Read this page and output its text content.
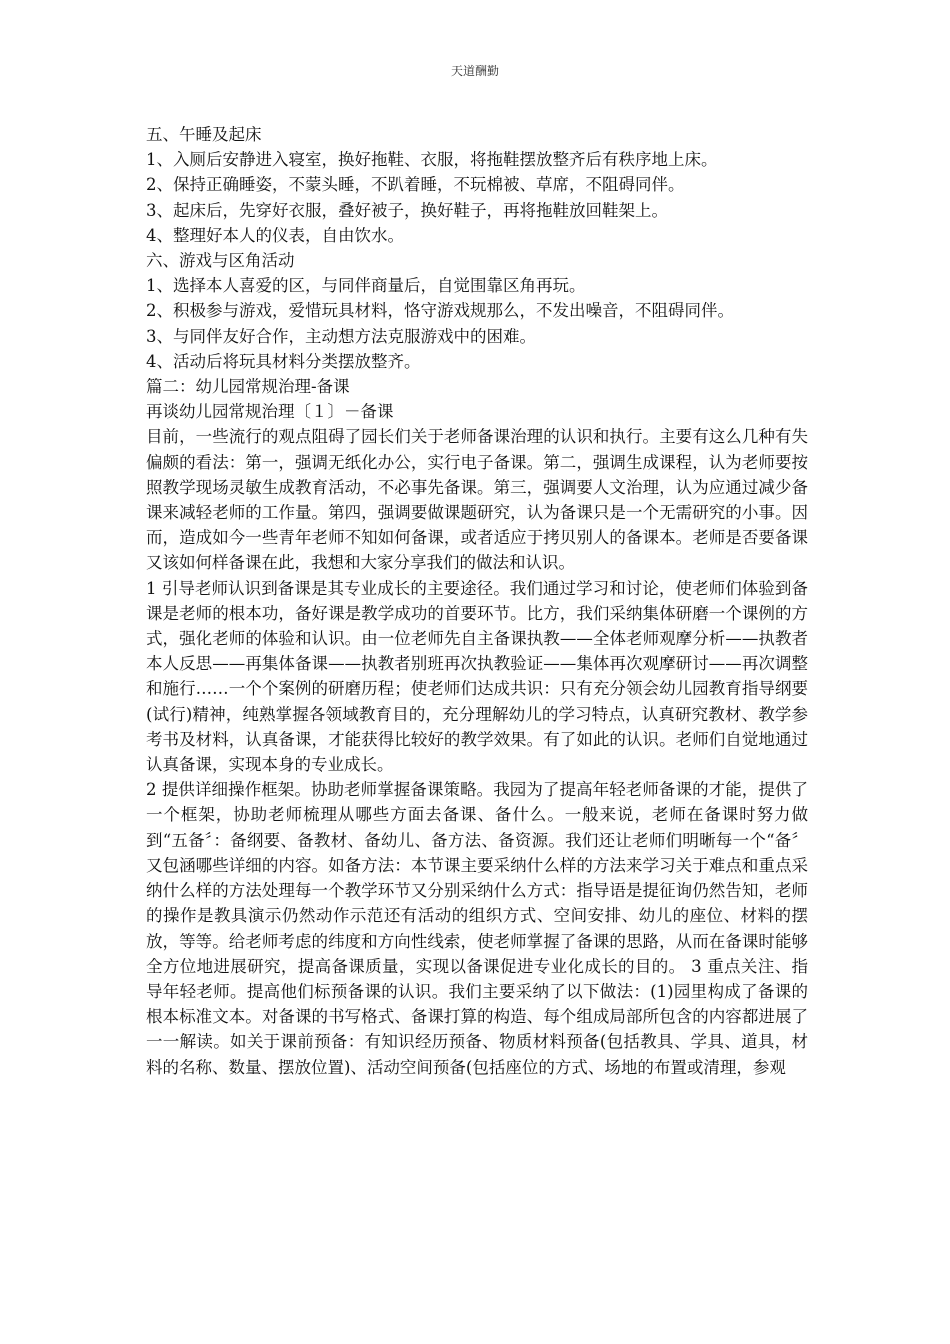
天道酬勤

五、午睡及起床

1、入厕后安静进入寝室，换好拖鞋、衣服，将拖鞋摆放整齐后有秩序地上床。

2、保持正确睡姿，不蒙头睡，不趴着睡，不玩棉被、草席，不阻碍同伴。

3、起床后，先穿好衣服，叠好被子，换好鞋子，再将拖鞋放回鞋架上。

4、整理好本人的仪表，自由饮水。

六、游戏与区角活动

1、选择本人喜爱的区，与同伴商量后，自觉围靠区角再玩。

2、积极参与游戏，爱惜玩具材料，恪守游戏规那么，不发出噪音，不阻碍同伴。

3、与同伴友好合作，主动想方法克服游戏中的困难。

4、活动后将玩具材料分类摆放整齐。

篇二：幼儿园常规治理-备课

再谈幼儿园常规治理〔１〕－备课

目前，一些流行的观点阻碍了园长们关于老师备课治理的认识和执行。主要有这么几种有失偏颇的看法：第一，强调无纸化办公，实行电子备课。第二，强调生成课程，认为老师要按照教学现场灵敏生成教育活动，不必事先备课。第三，强调要人文治理，认为应通过减少备课来减轻老师的工作量。第四，强调要做课题研究，认为备课只是一个无需研究的小事。因而，造成如今一些青年老师不知如何备课，或者适应于拷贝别人的备课本。老师是否要备课又该如何样备课在此，我想和大家分享我们的做法和认识。

1 引导老师认识到备课是其专业成长的主要途径。我们通过学习和讨论，使老师们体验到备课是老师的根本功，备好课是教学成功的首要环节。比方，我们采纳集体研磨一个课例的方式，强化老师的体验和认识。由一位老师先自主备课执教——全体老师观摩分析——执教者本人反思——再集体备课——执教者别班再次执教验证——集体再次观摩研讨——再次调整和施行……一个个案例的研磨历程；使老师们达成共识：只有充分领会幼儿园教育指导纲要(试行)精神，纯熟掌握各领域教育目的，充分理解幼儿的学习特点，认真研究教材、教学参考书及材料，认真备课，才能获得比较好的教学效果。有了如此的认识。老师们自觉地通过认真备课，实现本身的专业成长。

2 提供详细操作框架。协助老师掌握备课策略。我园为了提高年轻老师备课的才能，提供了一个框架，协助老师梳理从哪些方面去备课、备什么。一般来说，老师在备课时努力做到“五备〞：备纲要、备教材、备幼儿、备方法、备资源。我们还让老师们明晰每一个“备〞又包涵哪些详细的内容。如备方法：本节课主要采纳什么样的方法来学习关于难点和重点采纳什么样的方法处理每一个教学环节又分别采纳什么方式：指导语是提征询仍然告知，老师的操作是教具演示仍然动作示范还有活动的组织方式、空间安排、幼儿的座位、材料的摆放，等等。给老师考虑的纬度和方向性线索，使老师掌握了备课的思路，从而在备课时能够全方位地进展研究，提高备课质量，实现以备课促进专业化成长的目的。 3 重点关注、指导年轻老师。提高他们标预备课的认识。我们主要采纳了以下做法：(1)园里构成了备课的根本标准文本。对备课的书写格式、备课打算的构造、每个组成局部所包含的内容都进展了一一解读。如关于课前预备：有知识经历预备、物质材料预备(包括教具、学具、道具，材料的名称、数量、摆放位置)、活动空间预备(包括座位的方式、场地的布置或清理，参观
